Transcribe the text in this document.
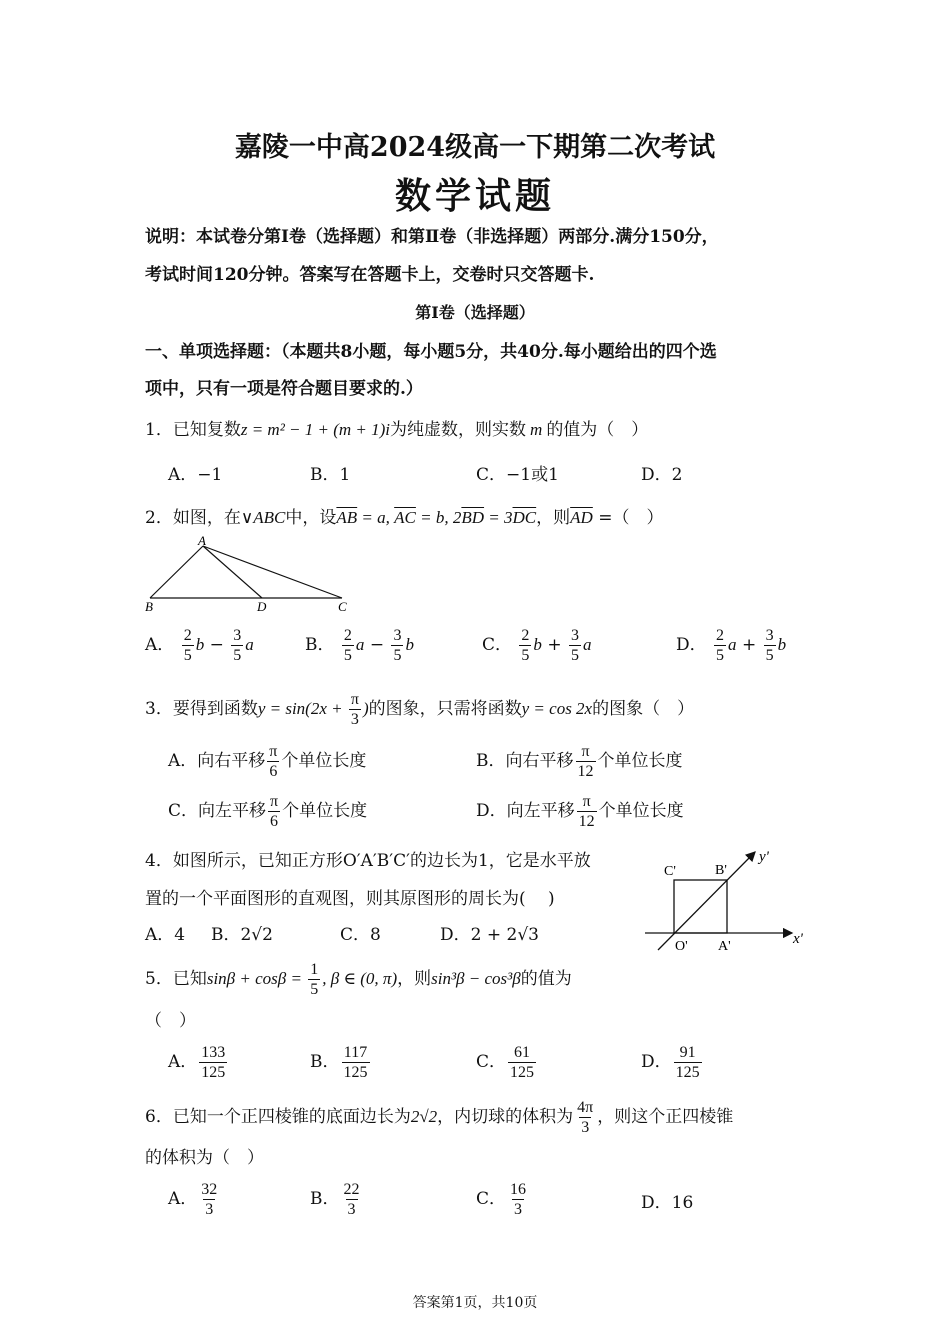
嘉陵一中高2024级高一下期第二次考试
数学试题
说明：本试卷分第Ⅰ卷（选择题）和第Ⅱ卷（非选择题）两部分.满分150分，
考试时间120分钟。答案写在答题卡上，交卷时只交答题卡.
第Ⅰ卷（选择题）
一、单项选择题：（本题共8小题，每小题5分，共40分.每小题给出的四个选
项中，只有一项是符合题目要求的.）
1．已知复数z = m² − 1 + (m + 1)i为纯虚数，则实数 m 的值为（　）
A．−1	B．1	C．−1或1	D．2
2．如图，在∨ABC中，设$\overline{AB} = a$, $\overline{AC} = b$, $2\overline{BD} = 3\overline{DC}$，则$\overline{AD}$ =（　）
A
B	D	C
A． $\frac{2}{5}$ $b - \frac{3}{5}$ a	B． $\frac{2}{5}$ $a - \frac{3}{5}$ b	C． $\frac{2}{5}$ $b + \frac{3}{5}$ a	D． $\frac{2}{5}$ $a + \frac{3}{5}$ b
3．要得到函数$y = \sin(2x + \frac{\pi}{3}$ )的图象，只需将函数y = cos 2x的图象（　）
A．向右平移 $\frac{\pi}{6}$ 个单位长度	B．向右平移 $\frac{\pi}{12}$ 个单位长度
C．向左平移 $\frac{\pi}{6}$ 个单位长度	D．向左平移 $\frac{\pi}{12}$ 个单位长度
4．如图所示，已知正方形O′A′B′C′的边长为1，它是水平放
置的一个平面图形的直观图，则其原图形的周长为(　 )
A．4 B．2√2	C．8	D．2 + 2√3
C'	B'
y'
O' A'	x'
5．已知$\sin\beta + \cos\beta = \frac{1}{5}$ , β ∈ (0, π)，则sin³β − cos³β的值为
（　）
A． $\frac{133}{125}$	B． $\frac{117}{125}$	C． $\frac{61}{125}$	D． $\frac{91}{125}$
6．已知一个正四棱锥的底面边长为2√2，内切球的体积为 $\frac{4\pi}{3}$ ，则这个正四棱锥
的体积为（　）
A． $\frac{32}{3}$	B． $\frac{22}{3}$	C． $\frac{16}{3}$	D．16
答案第1页，共10页
